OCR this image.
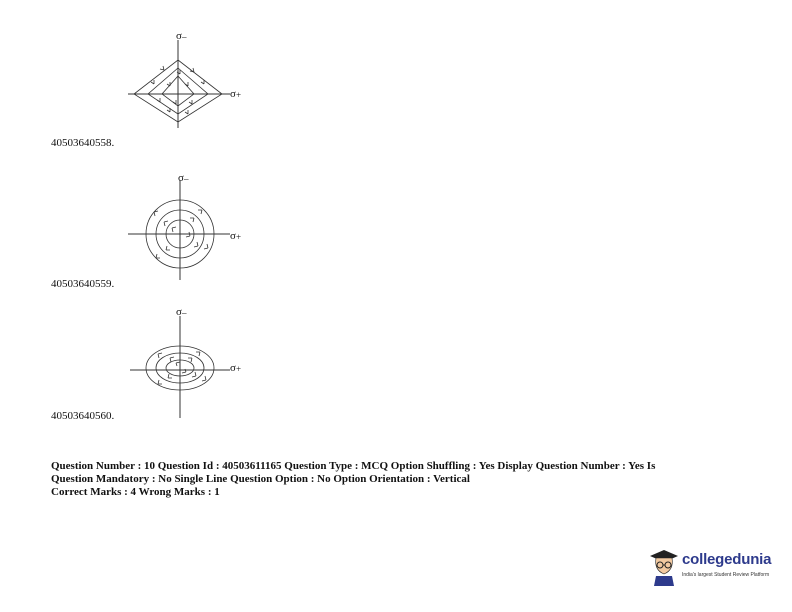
$\sigma_-$
$\sigma_+$
40503640558.
$\sigma_-$
$\sigma_+$
40503640559.
$\sigma_-$
$\sigma_+$
40503640560.
Question Number : 10 Question Id : 40503611165 Question Type : MCQ Option Shuffling : Yes Display Question Number : Yes Is
Question Mandatory : No Single Line Question Option : No Option Orientation : Vertical
Correct Marks : 4 Wrong Marks : 1
collegedunia
India's largest Student Review Platform
